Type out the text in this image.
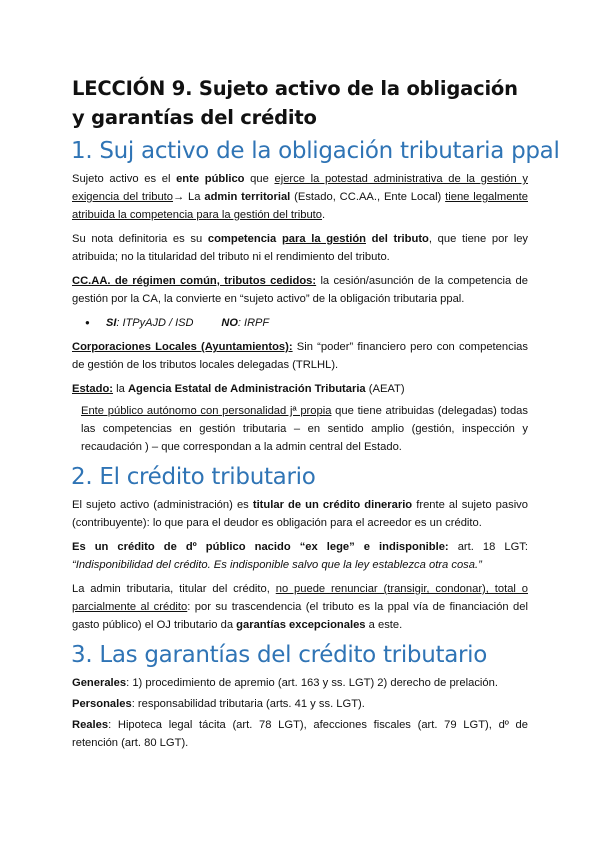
LECCIÓN 9. Sujeto activo de la obligación y garantías del crédito
1. Suj activo de la obligación tributaria ppal

Sujeto activo es el ente público que ejerce la potestad administrativa de la gestión y exigencia del tributo→ La admin territorial (Estado, CC.AA., Ente Local) tiene legalmente atribuida la competencia para la gestión del tributo.

Su nota definitoria es su competencia para la gestión del tributo, que tiene por ley atribuida; no la titularidad del tributo ni el rendimiento del tributo.

CC.AA. de régimen común, tributos cedidos: la cesión/asunción de la competencia de gestión por la CA, la convierte en “sujeto activo” de la obligación tributaria ppal.

● SI: ITPyAJD / ISD	NO: IRPF

Corporaciones Locales (Ayuntamientos): Sin “poder” financiero pero con competencias de gestión de los tributos locales delegadas (TRLHL).

Estado: la Agencia Estatal de Administración Tributaria (AEAT)

Ente público autónomo con personalidad jª propia que tiene atribuidas (delegadas) todas las competencias en gestión tributaria – en sentido amplio (gestión, inspección y recaudación ) – que correspondan a la admin central del Estado.

2. El crédito tributario

El sujeto activo (administración) es titular de un crédito dinerario frente al sujeto pasivo (contribuyente): lo que para el deudor es obligación para el acreedor es un crédito.

Es un crédito de dº público nacido “ex lege” e indisponible: art. 18 LGT: “Indisponibilidad del crédito. Es indisponible salvo que la ley establezca otra cosa.”

La admin tributaria, titular del crédito, no puede renunciar (transigir, condonar), total o parcialmente al crédito: por su trascendencia (el tributo es la ppal vía de financiación del gasto público) el OJ tributario da garantías excepcionales a este.

3. Las garantías del crédito tributario

Generales: 1) procedimiento de apremio (art. 163 y ss. LGT) 2) derecho de prelación.

Personales: responsabilidad tributaria (arts. 41 y ss. LGT).

Reales: Hipoteca legal tácita (art. 78 LGT), afecciones fiscales (art. 79 LGT), dº de retención (art. 80 LGT).
